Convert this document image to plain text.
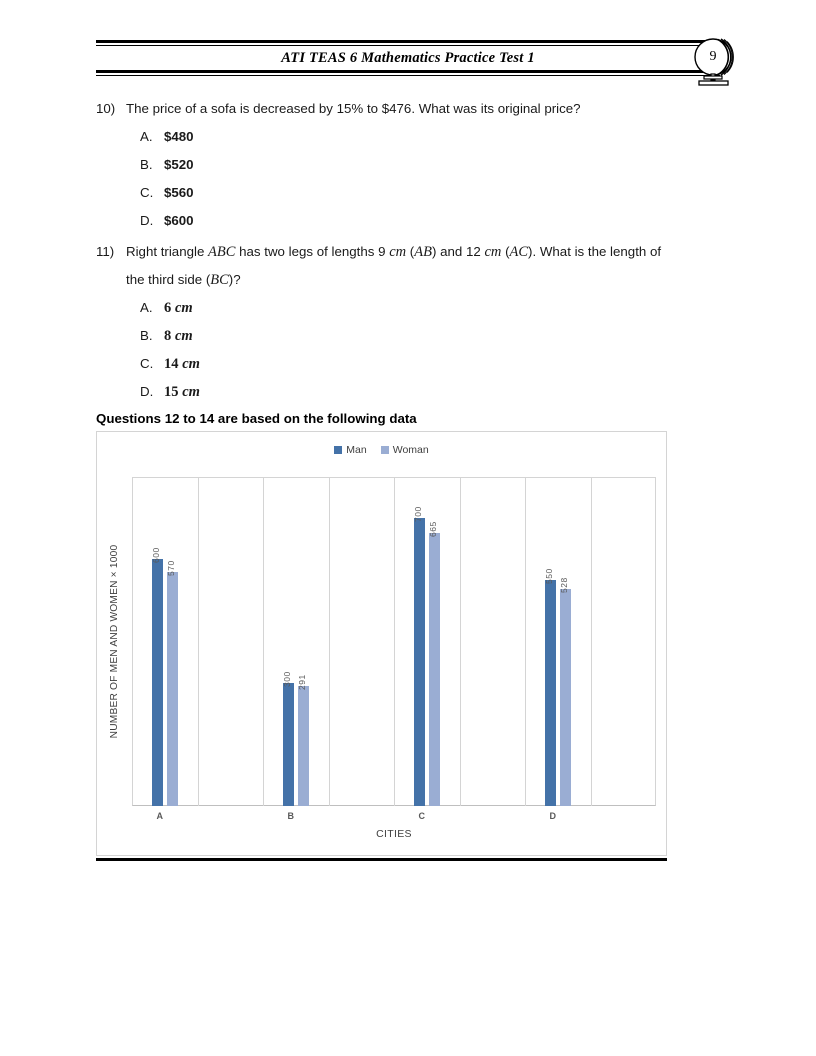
ATI TEAS 6 Mathematics Practice Test 1	9
10) The price of a sofa is decreased by 15% to $476. What was its original price?
A. $480
B. $520
C. $560
D. $600
11) Right triangle ABC has two legs of lengths 9 cm (AB) and 12 cm (AC). What is the length of
the third side (BC)?
A. 6 cm
B. 8 cm
C. 14 cm
D. 15 cm
Questions 12 to 14 are based on the following data
Man Woman
NUMBER OF MEN AND WOMEN × 1000	600
570
300 291
700
665
550
528
A	B	C	D
CITIES
